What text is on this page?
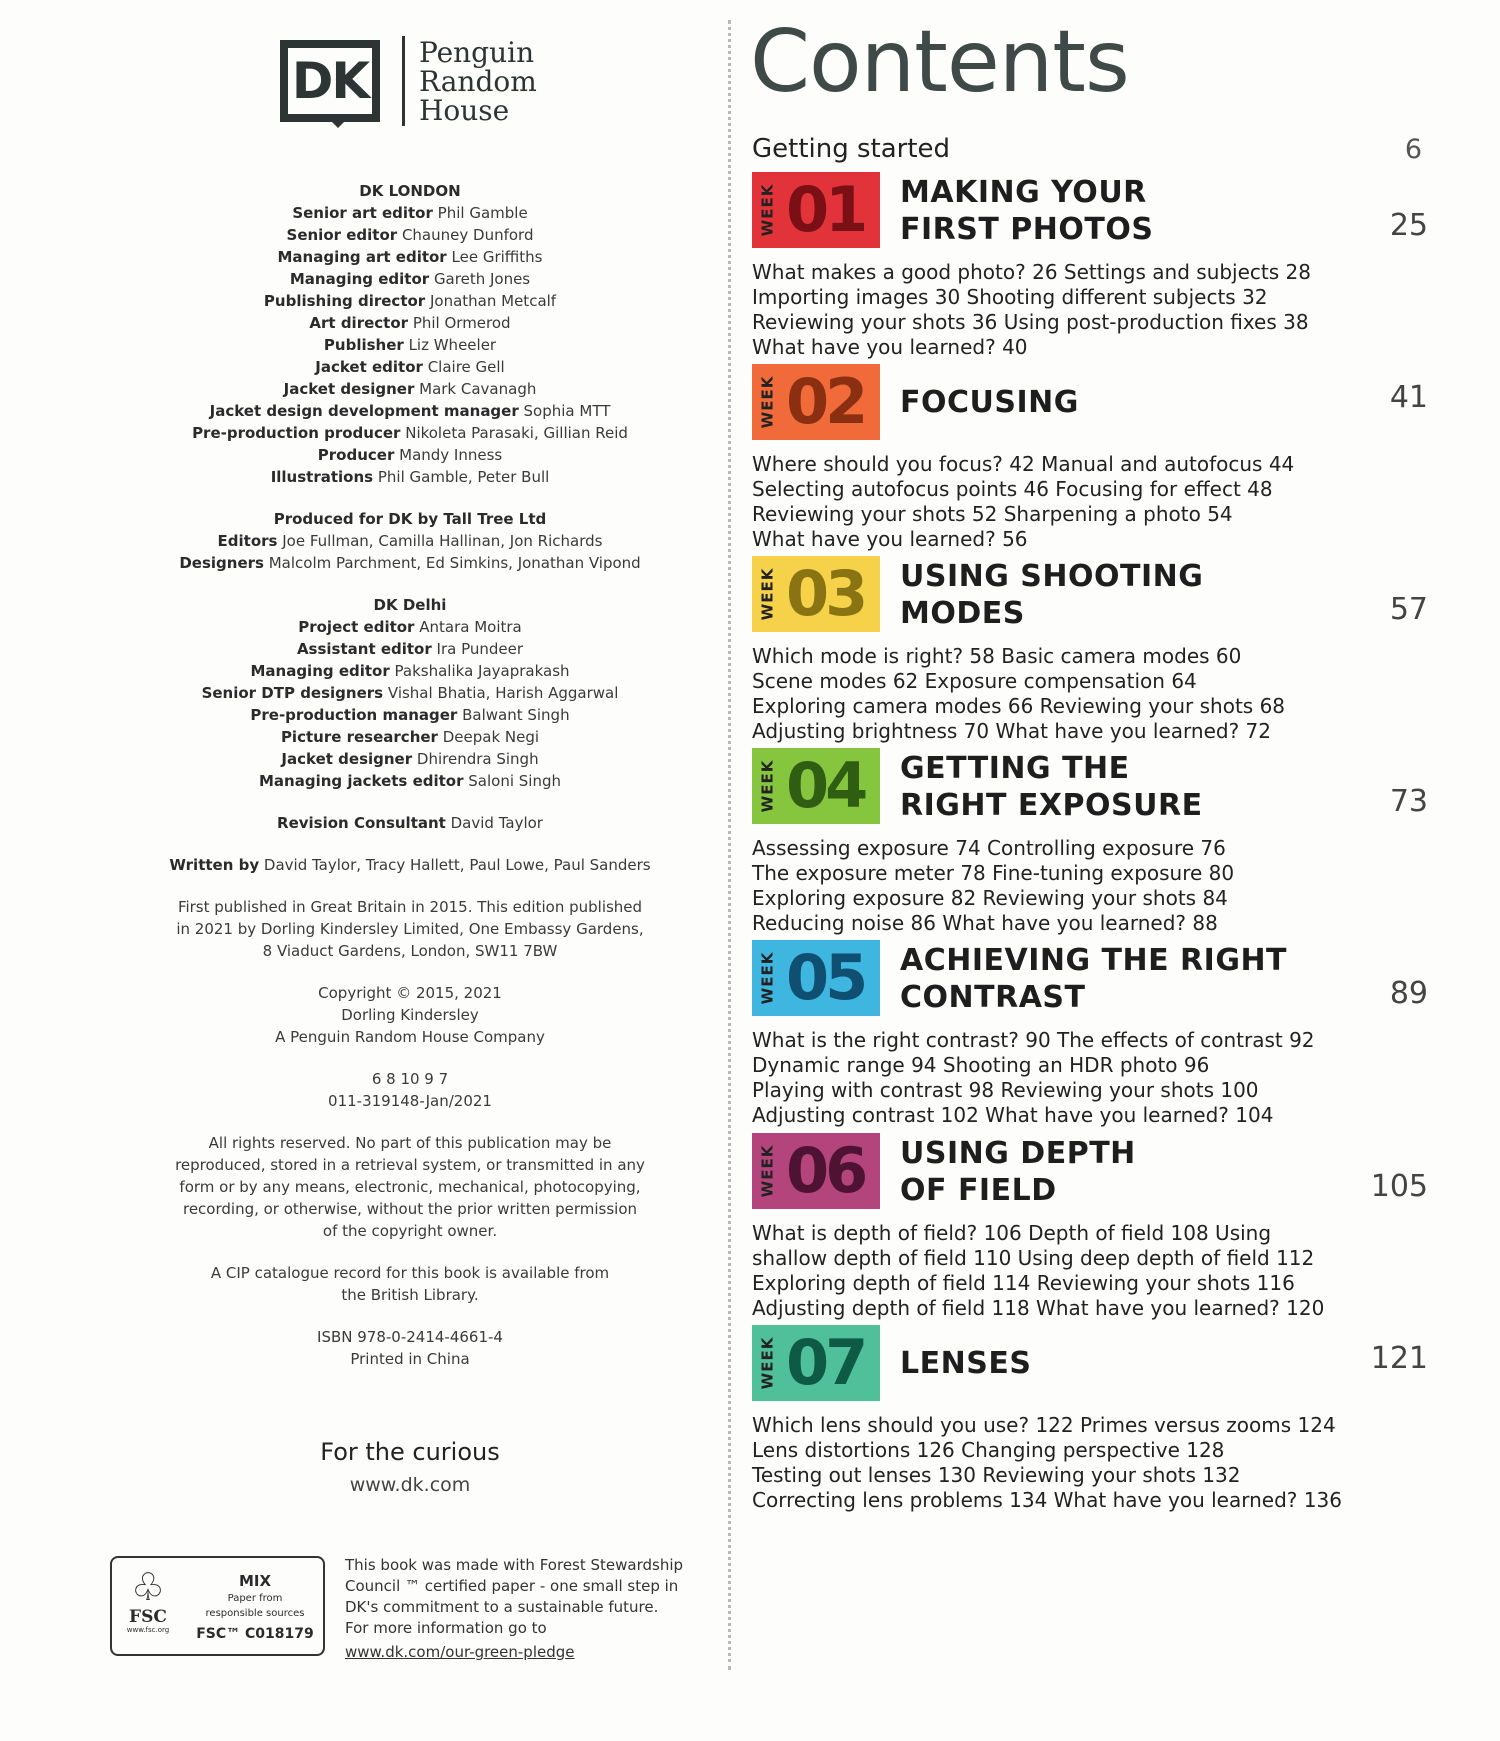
DK Penguin
Random
House
DK LONDON
Senior art editor Phil Gamble
Senior editor Chauney Dunford
Managing art editor Lee Griffiths
Managing editor Gareth Jones
Publishing director Jonathan Metcalf
Art director Phil Ormerod
Publisher Liz Wheeler
Jacket editor Claire Gell
Jacket designer Mark Cavanagh
Jacket design development manager Sophia MTT
Pre-production producer Nikoleta Parasaki, Gillian Reid
Producer Mandy Inness
Illustrations Phil Gamble, Peter Bull
Produced for DK by Tall Tree Ltd
Editors Joe Fullman, Camilla Hallinan, Jon Richards
Designers Malcolm Parchment, Ed Simkins, Jonathan Vipond
DK Delhi
Project editor Antara Moitra
Assistant editor Ira Pundeer
Managing editor Pakshalika Jayaprakash
Senior DTP designers Vishal Bhatia, Harish Aggarwal
Pre-production manager Balwant Singh
Picture researcher Deepak Negi
Jacket designer Dhirendra Singh
Managing jackets editor Saloni Singh
Revision Consultant David Taylor
Written by David Taylor, Tracy Hallett, Paul Lowe, Paul Sanders
First published in Great Britain in 2015. This edition published
in 2021 by Dorling Kindersley Limited, One Embassy Gardens,
8 Viaduct Gardens, London, SW11 7BW
Copyright © 2015, 2021
Dorling Kindersley
A Penguin Random House Company
6 8 10 9 7
011-319148-Jan/2021
All rights reserved. No part of this publication may be
reproduced, stored in a retrieval system, or transmitted in any
form or by any means, electronic, mechanical, photocopying,
recording, or otherwise, without the prior written permission
of the copyright owner.
A CIP catalogue record for this book is available from
the British Library.
ISBN 978-0-2414-4661-4
Printed in China
For the curious
www.dk.com
♧
FSC
www.fsc.org
MIX
Paper from
responsible sources
FSC™ C018179
This book was made with Forest Stewardship Council ™ certified paper - one small step in DK's commitment to a sustainable future.
For more information go to
www.dk.com/our-green-pledge
Contents
Getting started	6
WEEK 01 MAKING YOUR
FIRST PHOTOS	25
What makes a good photo? 26 Settings and subjects 28
Importing images 30 Shooting different subjects 32
Reviewing your shots 36 Using post-production fixes 38
What have you learned? 40
WEEK 02 FOCUSING	41
Where should you focus? 42 Manual and autofocus 44
Selecting autofocus points 46 Focusing for effect 48
Reviewing your shots 52 Sharpening a photo 54
What have you learned? 56
WEEK 03 USING SHOOTING
MODES	57
Which mode is right? 58 Basic camera modes 60
Scene modes 62 Exposure compensation 64
Exploring camera modes 66 Reviewing your shots 68
Adjusting brightness 70 What have you learned? 72
WEEK 04 GETTING THE
RIGHT EXPOSURE	73
Assessing exposure 74 Controlling exposure 76
The exposure meter 78 Fine-tuning exposure 80
Exploring exposure 82 Reviewing your shots 84
Reducing noise 86 What have you learned? 88
WEEK 05 ACHIEVING THE RIGHT
CONTRAST	89
What is the right contrast? 90 The effects of contrast 92
Dynamic range 94 Shooting an HDR photo 96
Playing with contrast 98 Reviewing your shots 100
Adjusting contrast 102 What have you learned? 104
WEEK 06 USING DEPTH
OF FIELD	105
What is depth of field? 106 Depth of field 108 Using
shallow depth of field 110 Using deep depth of field 112
Exploring depth of field 114 Reviewing your shots 116
Adjusting depth of field 118 What have you learned? 120
WEEK 07 LENSES	121
Which lens should you use? 122 Primes versus zooms 124
Lens distortions 126 Changing perspective 128
Testing out lenses 130 Reviewing your shots 132
Correcting lens problems 134 What have you learned? 136
